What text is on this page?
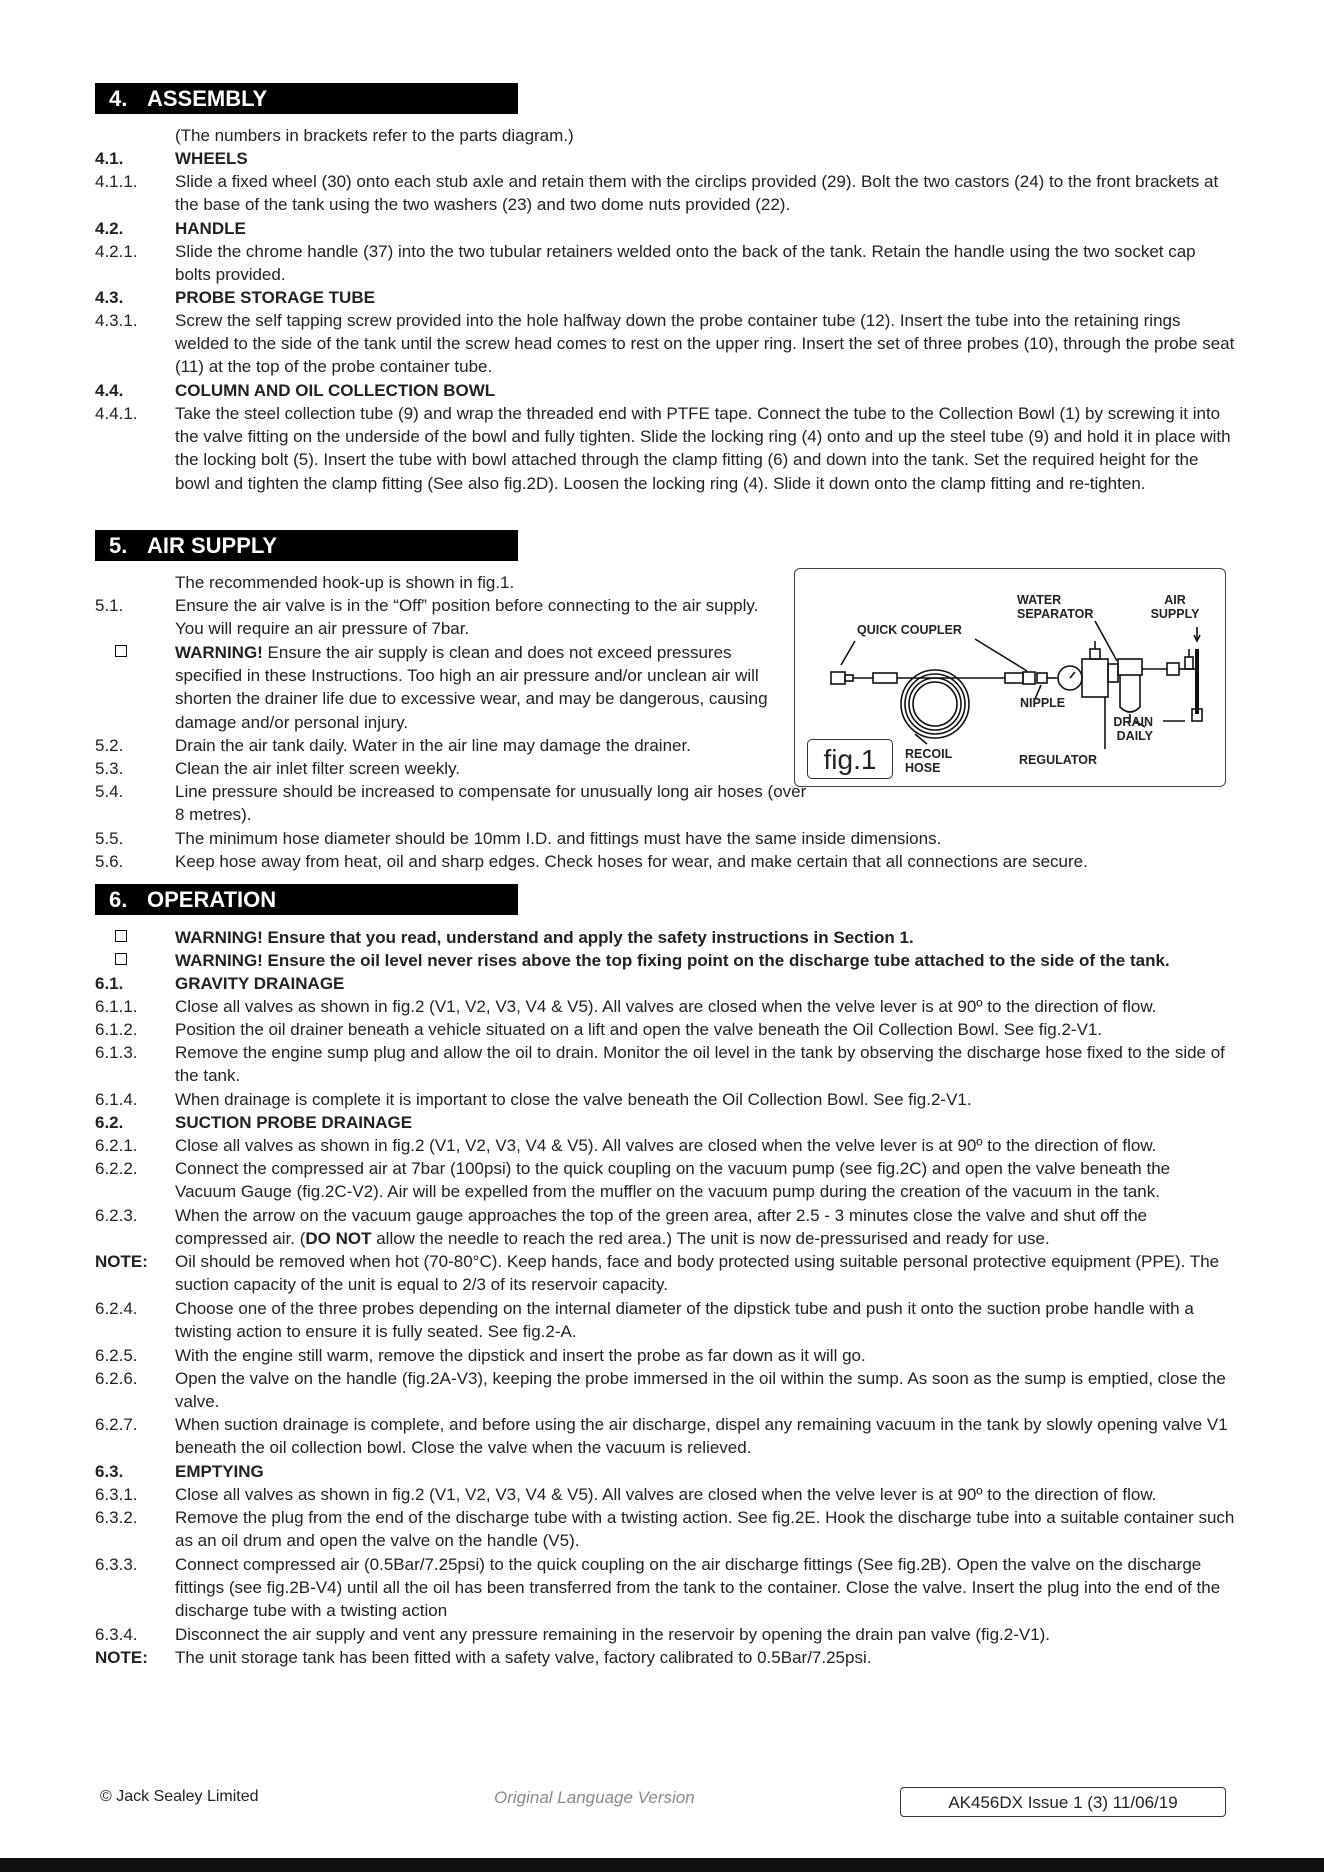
4. ASSEMBLY
(The numbers in brackets refer to the parts diagram.)
4.1.	WHEELS
4.1.1.	Slide a fixed wheel (30) onto each stub axle and retain them with the circlips provided (29). Bolt the two castors (24) to the front brackets at the base of the tank using the two washers (23) and two dome nuts provided (22).
4.2.	HANDLE
4.2.1.	Slide the chrome handle (37) into the two tubular retainers welded onto the back of the tank. Retain the handle using the two socket cap bolts provided.
4.3.	PROBE STORAGE TUBE
4.3.1.	Screw the self tapping screw provided into the hole halfway down the probe container tube (12). Insert the tube into the retaining rings welded to the side of the tank until the screw head comes to rest on the upper ring. Insert the set of three probes (10), through the probe seat (11) at the top of the probe container tube.
4.4.	COLUMN AND OIL COLLECTION BOWL
4.4.1.	Take the steel collection tube (9) and wrap the threaded end with PTFE tape. Connect the tube to the Collection Bowl (1) by screwing it into the valve fitting on the underside of the bowl and fully tighten. Slide the locking ring (4) onto and up the steel tube (9) and hold it in place with the locking bolt (5). Insert the tube with bowl attached through the clamp fitting (6) and down into the tank. Set the required height for the bowl and tighten the clamp fitting (See also fig.2D). Loosen the locking ring (4). Slide it down onto the clamp fitting and re-tighten.
5. AIR SUPPLY
The recommended hook-up is shown in fig.1.
5.1.	Ensure the air valve is in the “Off” position before connecting to the air supply. You will require an air pressure of 7bar.
WARNING! Ensure the air supply is clean and does not exceed pressures specified in these Instructions. Too high an air pressure and/or unclean air will shorten the drainer life due to excessive wear, and may be dangerous, causing damage and/or personal injury.
5.2.	Drain the air tank daily. Water in the air line may damage the drainer.
5.3.	Clean the air inlet filter screen weekly.
5.4.	Line pressure should be increased to compensate for unusually long air hoses (over 8 metres).
5.5.	The minimum hose diameter should be 10mm I.D. and fittings must have the same inside dimensions.
5.6.	Keep hose away from heat, oil and sharp edges. Check hoses for wear, and make certain that all connections are secure.
WATER SEPARATOR
AIR SUPPLY
QUICK COUPLER
NIPPLE
DRAIN DAILY
RECOIL HOSE
REGULATOR
fig.1
6. OPERATION
WARNING! Ensure that you read, understand and apply the safety instructions in Section 1.
WARNING! Ensure the oil level never rises above the top fixing point on the discharge tube attached to the side of the tank.
6.1.	GRAVITY DRAINAGE
6.1.1.	Close all valves as shown in fig.2 (V1, V2, V3, V4 & V5). All valves are closed when the velve lever is at 90º to the direction of flow.
6.1.2.	Position the oil drainer beneath a vehicle situated on a lift and open the valve beneath the Oil Collection Bowl. See fig.2-V1.
6.1.3.	Remove the engine sump plug and allow the oil to drain. Monitor the oil level in the tank by observing the discharge hose fixed to the side of the tank.
6.1.4.	When drainage is complete it is important to close the valve beneath the Oil Collection Bowl. See fig.2-V1.
6.2.	SUCTION PROBE DRAINAGE
6.2.1.	Close all valves as shown in fig.2 (V1, V2, V3, V4 & V5). All valves are closed when the velve lever is at 90º to the direction of flow.
6.2.2.	Connect the compressed air at 7bar (100psi) to the quick coupling on the vacuum pump (see fig.2C) and open the valve beneath the Vacuum Gauge (fig.2C-V2). Air will be expelled from the muffler on the vacuum pump during the creation of the vacuum in the tank.
6.2.3.	When the arrow on the vacuum gauge approaches the top of the green area, after 2.5 - 3 minutes close the valve and shut off the compressed air. (DO NOT allow the needle to reach the red area.) The unit is now de-pressurised and ready for use.
NOTE:	Oil should be removed when hot (70-80°C). Keep hands, face and body protected using suitable personal protective equipment (PPE). The suction capacity of the unit is equal to 2/3 of its reservoir capacity.
6.2.4.	Choose one of the three probes depending on the internal diameter of the dipstick tube and push it onto the suction probe handle with a twisting action to ensure it is fully seated. See fig.2-A.
6.2.5.	With the engine still warm, remove the dipstick and insert the probe as far down as it will go.
6.2.6.	Open the valve on the handle (fig.2A-V3), keeping the probe immersed in the oil within the sump. As soon as the sump is emptied, close the valve.
6.2.7.	When suction drainage is complete, and before using the air discharge, dispel any remaining vacuum in the tank by slowly opening valve V1 beneath the oil collection bowl. Close the valve when the vacuum is relieved.
6.3.	EMPTYING
6.3.1.	Close all valves as shown in fig.2 (V1, V2, V3, V4 & V5). All valves are closed when the velve lever is at 90º to the direction of flow.
6.3.2.	Remove the plug from the end of the discharge tube with a twisting action. See fig.2E. Hook the discharge tube into a suitable container such as an oil drum and open the valve on the handle (V5).
6.3.3.	Connect compressed air (0.5Bar/7.25psi) to the quick coupling on the air discharge fittings (See fig.2B). Open the valve on the discharge fittings (see fig.2B-V4) until all the oil has been transferred from the tank to the container. Close the valve. Insert the plug into the end of the discharge tube with a twisting action
6.3.4.	Disconnect the air supply and vent any pressure remaining in the reservoir by opening the drain pan valve (fig.2-V1).
NOTE:	The unit storage tank has been fitted with a safety valve, factory calibrated to 0.5Bar/7.25psi.
© Jack Sealey Limited	Original Language Version	AK456DX Issue 1 (3) 11/06/19
